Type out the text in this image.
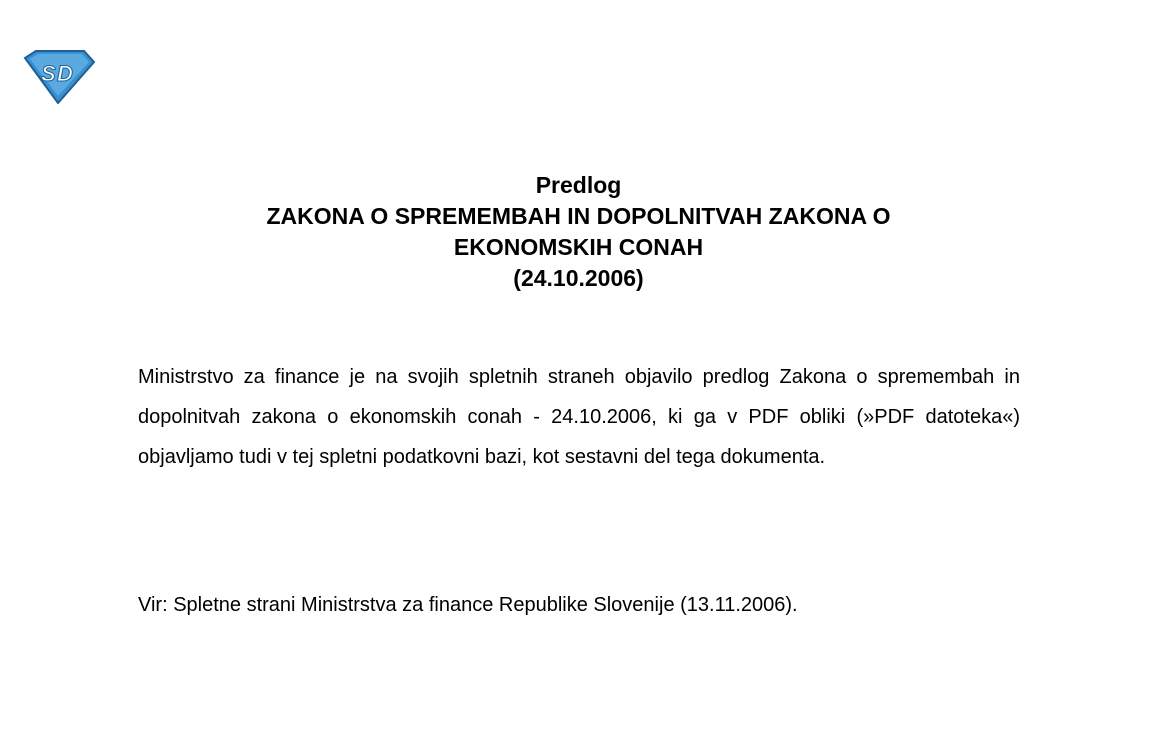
S D
Predlog
ZAKONA O SPREMEMBAH IN DOPOLNITVAH ZAKONA O
EKONOMSKIH CONAH
(24.10.2006)

Ministrstvo za finance je na svojih spletnih straneh objavilo predlog Zakona o spremembah in dopolnitvah zakona o ekonomskih conah - 24.10.2006, ki ga v PDF obliki (»PDF datoteka«) objavljamo tudi v tej spletni podatkovni bazi, kot sestavni del tega dokumenta.

Vir: Spletne strani Ministrstva za finance Republike Slovenije (13.11.2006).
